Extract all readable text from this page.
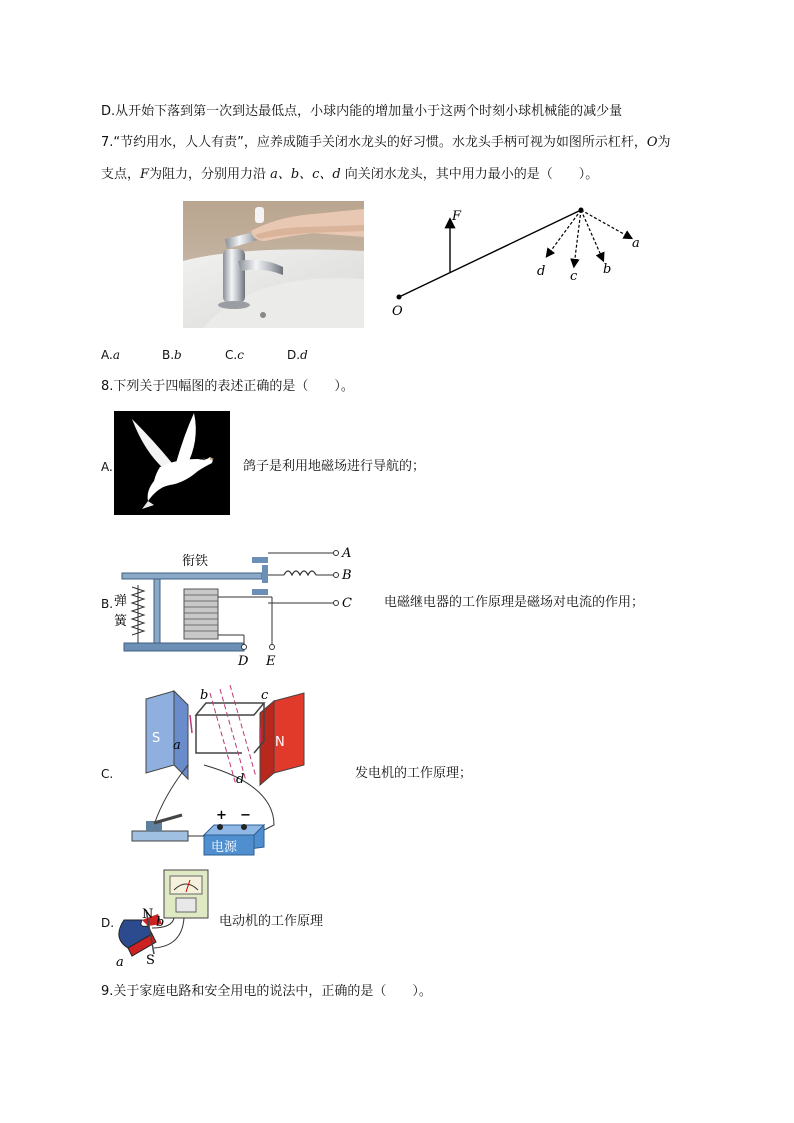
D.从开始下落到第一次到达最低点，小球内能的增加量小于这两个时刻小球机械能的减少量
7.“节约用水，人人有责”，应养成随手关闭水龙头的好习惯。水龙头手柄可视为如图所示杠杆，O为
支点，F为阻力，分别用力沿 a、b、c、d 向关闭水龙头，其中用力最小的是（　　）。
F
O
a
b
c
d
A.a	B.b	C.c	D.d
8.下列关于四幅图的表述正确的是（　　）。
A.	鸽子是利用地磁场进行导航的；
B.
衔铁
弹
簧
A
B
C
D E
电磁继电器的工作原理是磁场对电流的作用；
C.
S	N
a
b	c
d
+ −
电源
发电机的工作原理；
D.
N
S
a
b	电动机的工作原理
9.关于家庭电路和安全用电的说法中，正确的是（　　）。
